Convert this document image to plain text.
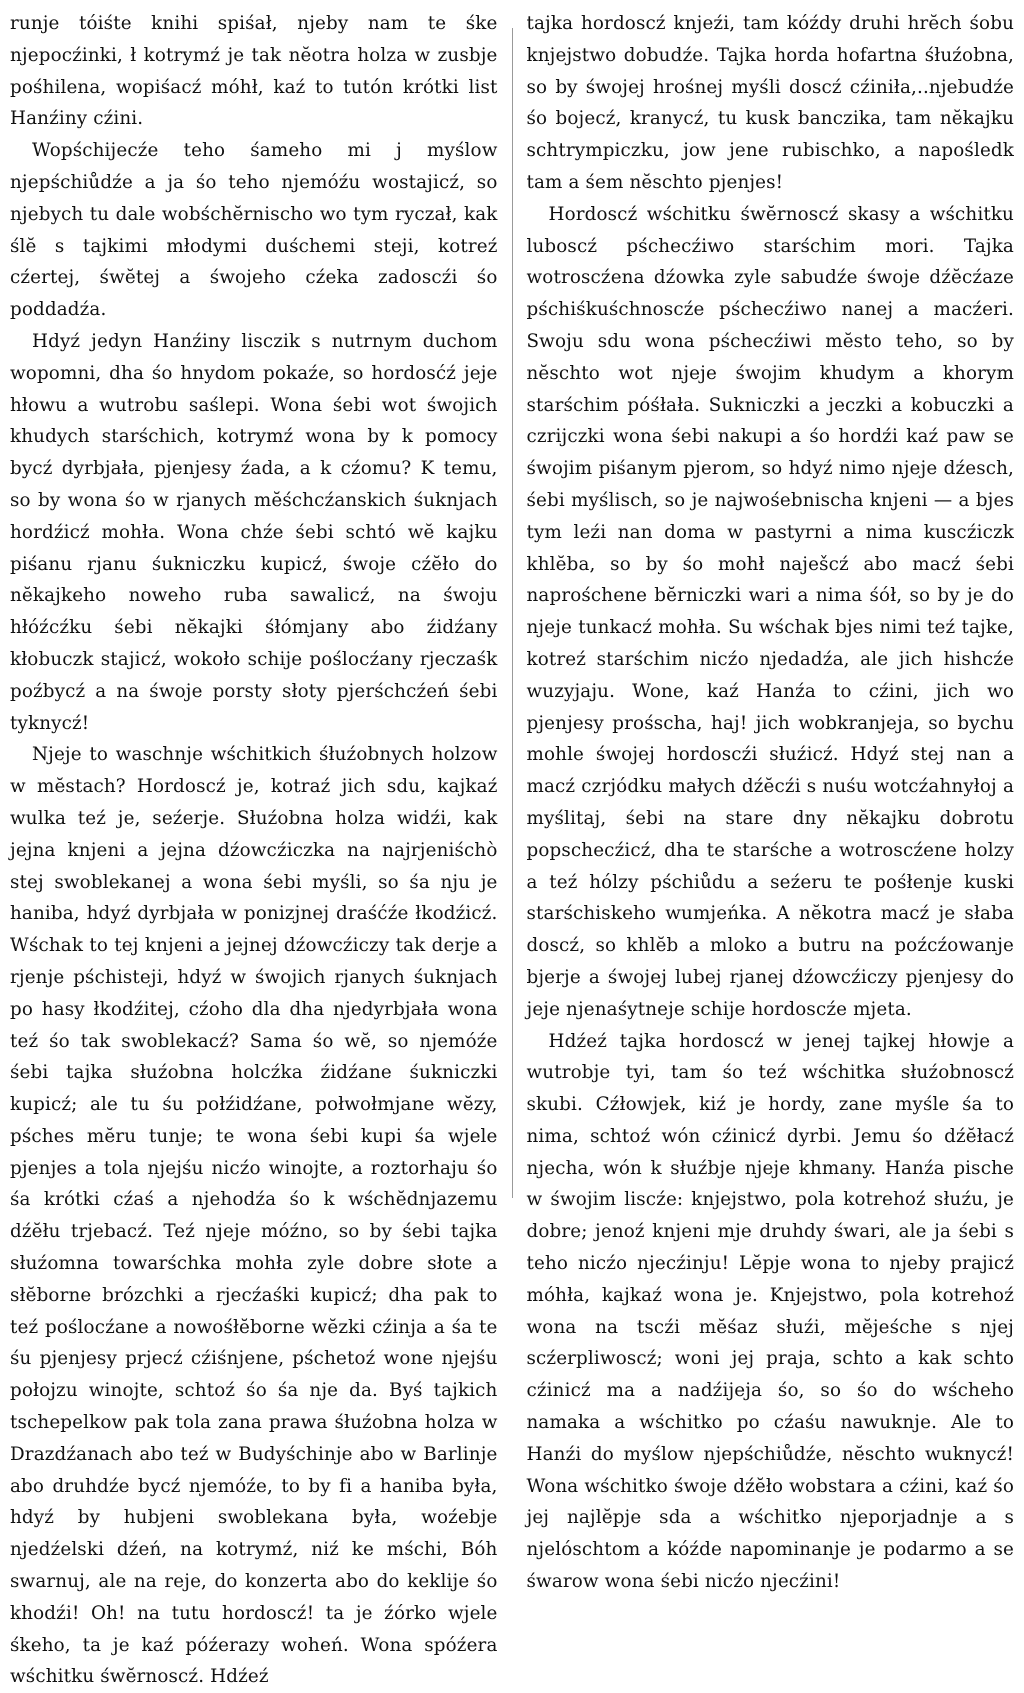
runje tóiśte knihi spiśał, njeby nam te śke njepocźinki, ł kotrymź je tak nĕotra holza w zusbje pośhilena, wopiśacź móhł, kaź to tutón krótki list Hanźiny cźini.

Wopśchijecźe teho śameho mi j myślow njepśchiůdźe a ja śo teho njemóźu wostajicź, so njebych tu dale wobśchĕrnischo wo tym ryczał, kak ślĕ s tajkimi młodymi duśchemi steji, kotreź cźertej, śwĕtej a śwojeho cźeka zadoscźi śo poddadźa.

Hdyź jedyn Hanźiny lisczik s nutrnym duchom wopomni, dha śo hnydom pokaźe, so hordosćź jeje hłowu a wutrobu saślepi. Wona śebi wot śwojich khudych starśchich, kotrymź wona by k pomocy bycź dyrbjała, pjenjesy źada, a k cźomu? K temu, so by wona śo w rjanych mĕśchcźanskich śuknjach hordźicź mohła. Wona chźe śebi schtó wĕ kajku piśanu rjanu śukniczku kupicź, śwoje cźĕło do nĕkajkeho noweho ruba sawalicź, na śwoju hłóźcźku śebi nĕkajki śłómjany abo źidźany kłobuczk stajicź, wokoło schije poślocźany rjeczaśk poźbycź a na śwoje porsty słoty pjerśchcźeń śebi tyknycź!

Njeje to waschnje wśchitkich śłuźobnych holzow w mĕstach? Hordoscź je, kotraź jich sdu, kajkaź wulka teź je, seźerje. Słuźobna holza widźi, kak jejna knjeni a jejna dźowcźiczka na najrjeniśchò stej swoblekanej a wona śebi myśli, so śa nju je haniba, hdyź dyrbjała w ponizjnej draśćźe łkodźicź. Wśchak to tej knjeni a jejnej dźowcźiczy tak derje a rjenje pśchisteji, hdyź w śwojich rjanych śuknjach po hasy łkodźitej, cźoho dla dha njedyrbjała wona teź śo tak swoblekacź? Sama śo wĕ, so njemóźe śebi tajka słuźobna holcźka źidźane śukniczki kupicź; ale tu śu połźidźane, połwołmjane wĕzy, pśches mĕru tunje; te wona śebi kupi śa wjele pjenjes a tola njejśu nicźo winojte, a roztorhaju śo śa krótki cźaś a njehodźa śo k wśchĕdnjazemu dźĕłu trjebacź. Teź njeje móźno, so by śebi tajka słuźomna towarśchka mohła zyle dobre słote a słĕborne brózchki a rjecźaśki kupicź; dha pak to teź poślocźane a nowośłĕborne wĕzki cźinja a śa te śu pjenjesy prjecź cźiśnjene, pśchetoź wone njejśu połojzu winojte, schtoź śo śa nje da. Byś tajkich tschepelkow pak tola zana prawa śłuźobna holza w Drazdźanach abo teź w Budyśchinje abo w Barlinje abo druhdźe bycź njemóźe, to by fi a haniba była, hdyź by hubjeni swoblekana była, woźebje njedźelski dźeń, na kotrymź, niź ke mśchi, Bóh swarnuj, ale na reje, do konzerta abo do keklije śo khodźi! Oh! na tutu hordoscź! ta je źórko wjele śkeho, ta je kaź późerazy woheń. Wona spóźera wśchitku śwĕrnoscź. Hdźeź

tajka hordoscź knjeźi, tam kóźdy druhi hrĕch śobu knjejstwo dobudźe. Tajka horda hofartna śłuźobna, so by śwojej hrośnej myśli doscź cźiniła,..njebudźe śo bojecź, kranycź, tu kusk banczika, tam nĕkajku schtrympiczku, jow jene rubischko, a napośledk tam a śem nĕschto pjenjes!

Hordoscź wśchitku śwĕrnoscź skasy a wśchitku luboscź pśchecźiwo starśchim mori. Tajka wotroscźena dźowka zyle sabudźe śwoje dźĕcźaze pśchiśkuśchnoscźe pśchecźiwo nanej a macźeri. Swoju sdu wona pśchecźiwi mĕsto teho, so by nĕschto wot njeje śwojim khudym a khorym starśchim póśłała. Sukniczki a jeczki a kobuczki a czrijczki wona śebi nakupi a śo hordźi kaź paw se śwojim piśanym pjerom, so hdyź nimo njeje dźesch, śebi myślisch, so je najwośebnischa knjeni — a bjes tym leźi nan doma w pastyrni a nima kuscźiczk khlĕba, so by śo mohł naješcź abo macź śebi naprośchene bĕrniczki wari a nima śół, so by je do njeje tunkacź mohła. Su wśchak bjes nimi teź tajke, kotreź starśchim nicźo njedadźa, ale jich hishcźe wuzyjaju. Wone, kaź Hanźa to cźini, jich wo pjenjesy prośscha, haj! jich wobkranjeja, so bychu mohle śwojej hordoscźi słuźicź. Hdyź stej nan a macź czrjódku małych dźĕcźi s nuśu wotcźahnyłoj a myślitaj, śebi na stare dny nĕkajku dobrotu popschecźicź, dha te starśche a wotroscźene holzy a teź hólzy pśchiůdu a seźeru te pośłenje kuski starśchiskeho wumjeńka. A nĕkotra macź je słaba doscź, so khlĕb a mloko a butru na poźcźowanje bjerje a śwojej lubej rjanej dźowcźiczy pjenjesy do jeje njenaśytneje schije hordoscźe mjeta.

Hdźeź tajka hordoscź w jenej tajkej hłowje a wutrobje tyi, tam śo teź wśchitka słuźobnoscź skubi. Cźłowjek, kiź je hordy, zane myśle śa to nima, schtoź wón cźinicź dyrbi. Jemu śo dźĕłacź njecha, wón k słuźbje njeje khmany. Hanźa pische w śwojim liscźe: knjejstwo, pola kotrehoź słuźu, je dobre; jenoź knjeni mje druhdy śwari, ale ja śebi s teho nicźo njecźinju! Lĕpje wona to njeby prajicź móhła, kajkaź wona je. Knjejstwo, pola kotrehoź wona na tscźi mĕśaz słuźi, mĕjeśche s njej scźerpliwoscź; woni jej praja, schto a kak schto cźinicź ma a nadźijeja śo, so śo do wścheho namaka a wśchitko po cźaśu nawuknje. Ale to Hanźi do myślow njepśchiůdźe, nĕschto wuknycź! Wona wśchitko śwoje dźĕło wobstara a cźini, kaź śo jej najlĕpje sda a wśchitko njeporjadnje a s njelóschtom a kóźde napominanje je podarmo a se śwarow wona śebi nicźo njecźini!
